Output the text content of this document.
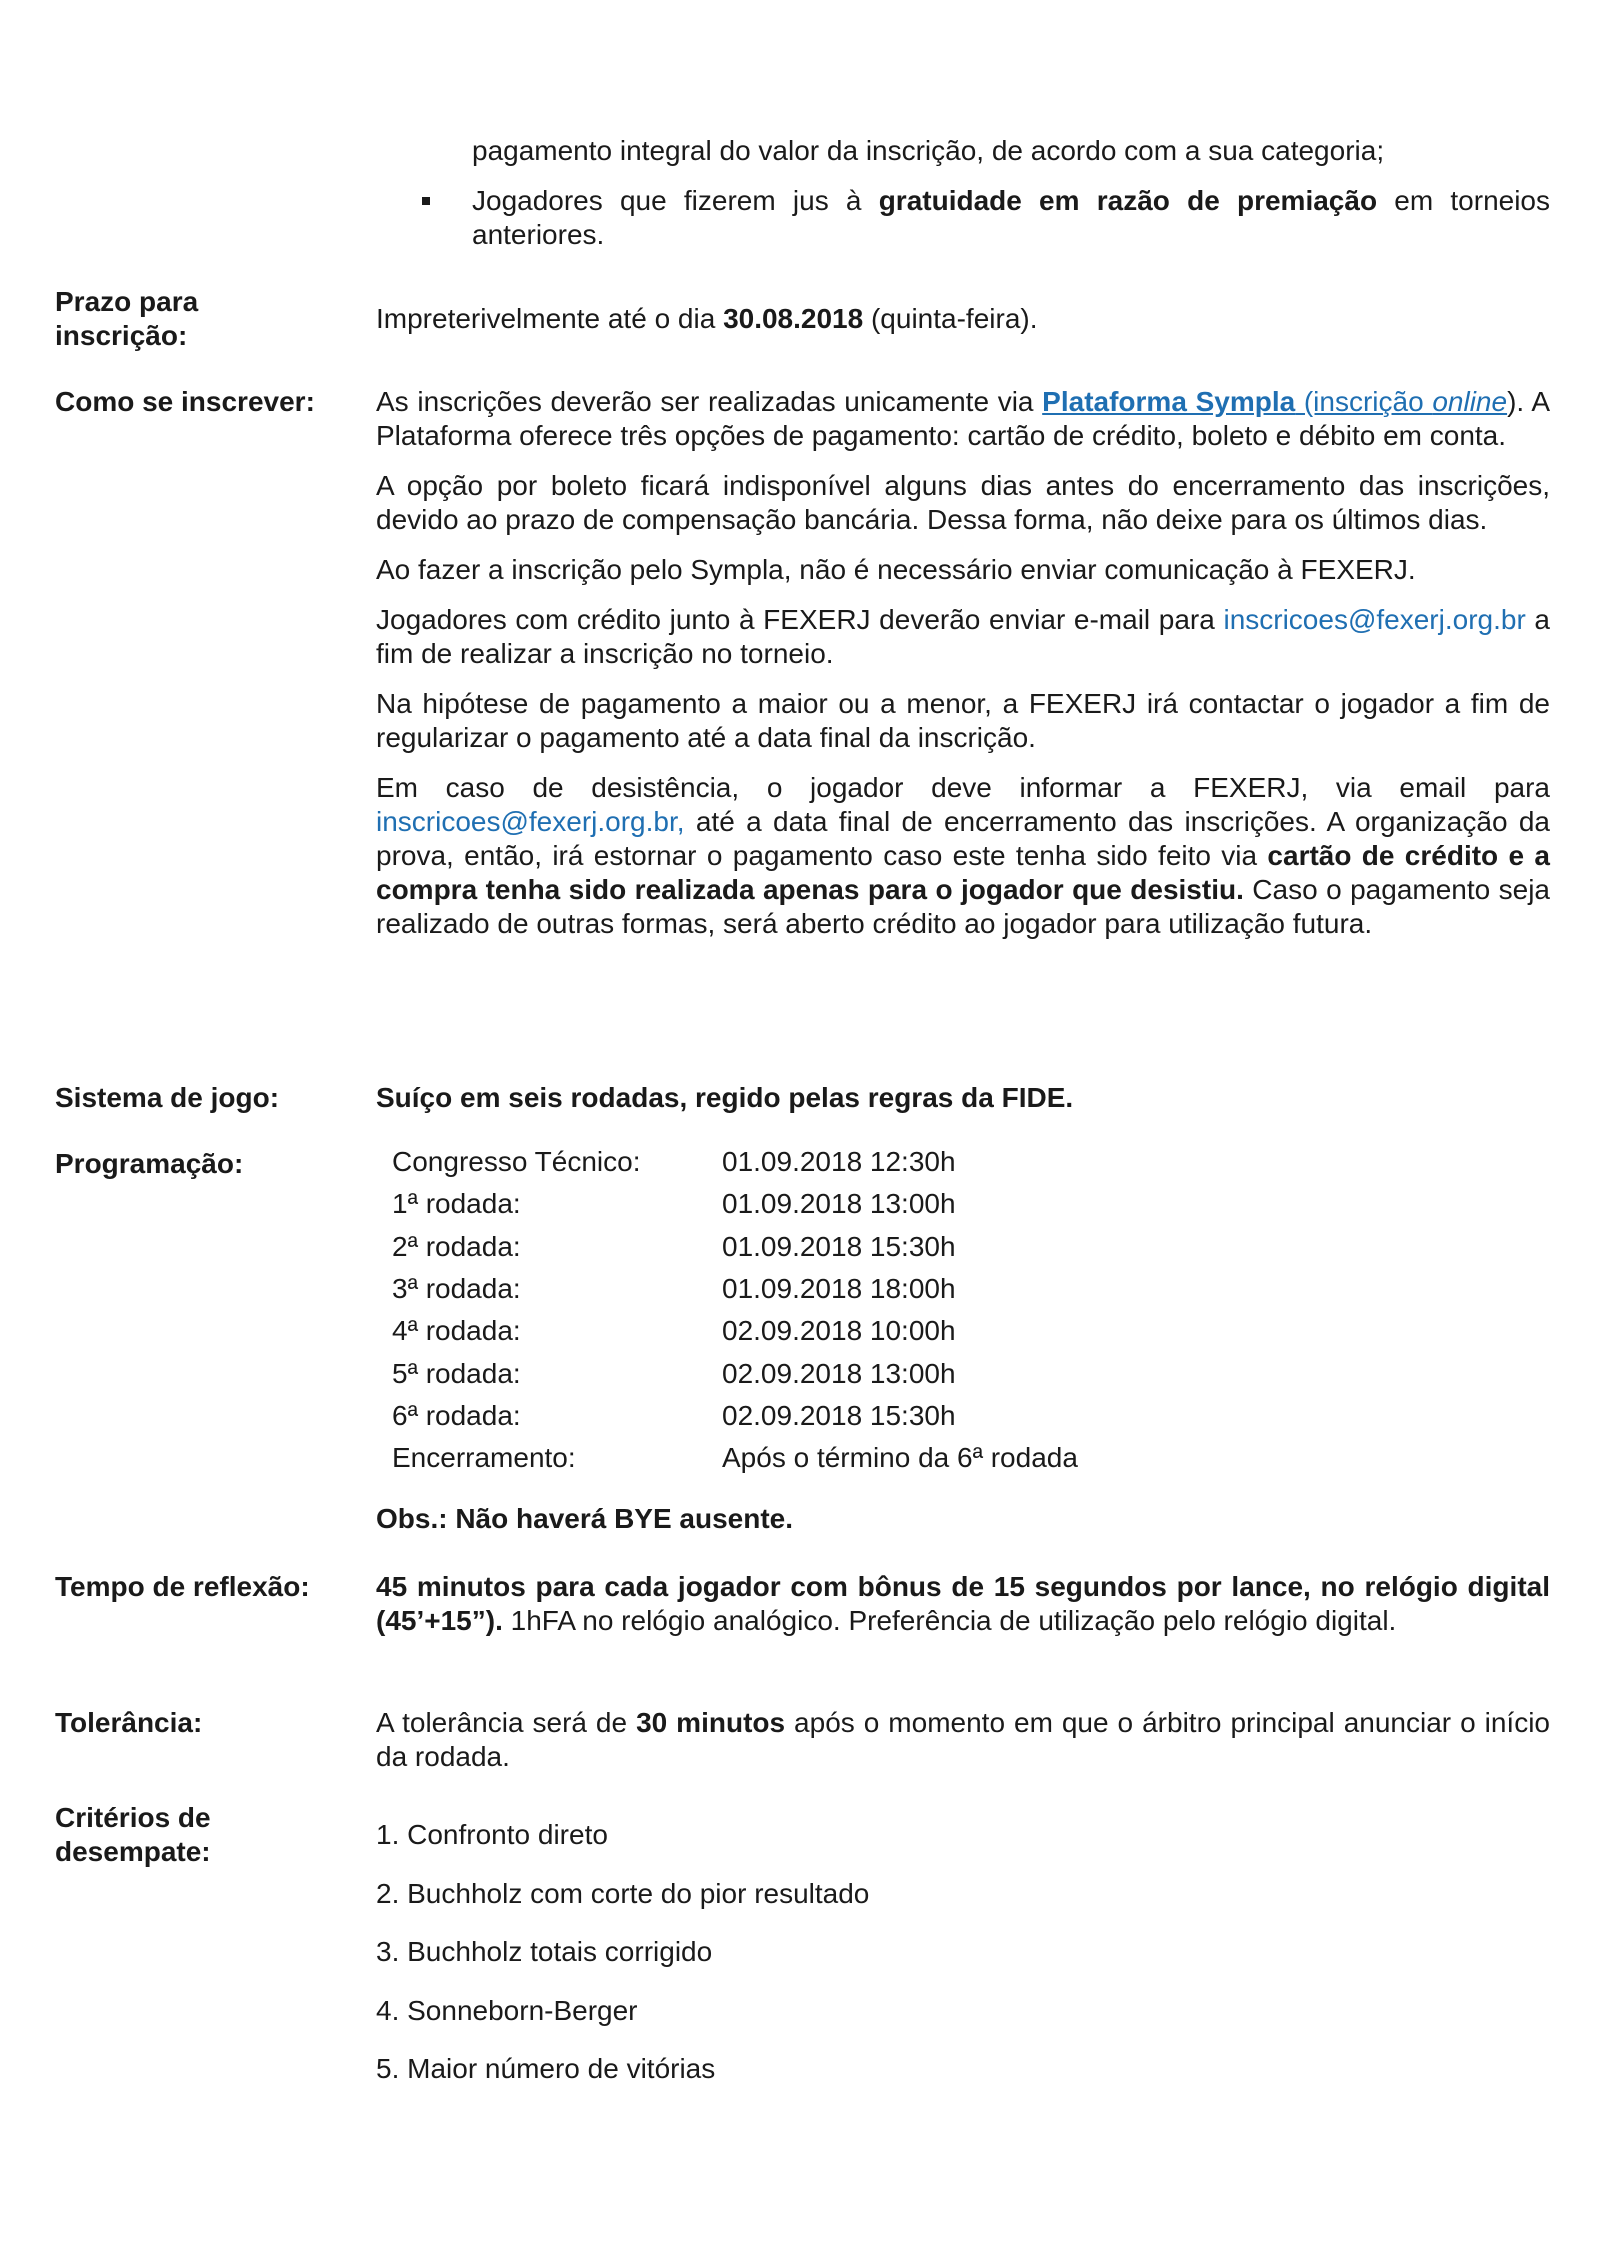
pagamento integral do valor da inscrição, de acordo com a sua categoria;
Jogadores que fizerem jus à gratuidade em razão de premiação em torneios anteriores.
Prazo para inscrição:
Impreterivelmente até o dia 30.08.2018 (quinta-feira).
Como se inscrever:	As inscrições deverão ser realizadas unicamente via Plataforma Sympla (inscrição online). A Plataforma oferece três opções de pagamento: cartão de crédito, boleto e débito em conta.

A opção por boleto ficará indisponível alguns dias antes do encerramento das inscrições, devido ao prazo de compensação bancária. Dessa forma, não deixe para os últimos dias.

Ao fazer a inscrição pelo Sympla, não é necessário enviar comunicação à FEXERJ.

Jogadores com crédito junto à FEXERJ deverão enviar e-mail para inscricoes@fexerj.org.br a fim de realizar a inscrição no torneio.

Na hipótese de pagamento a maior ou a menor, a FEXERJ irá contactar o jogador a fim de regularizar o pagamento até a data final da inscrição.

Em caso de desistência, o jogador deve informar a FEXERJ, via email para inscricoes@fexerj.org.br, até a data final de encerramento das inscrições. A organização da prova, então, irá estornar o pagamento caso este tenha sido feito via cartão de crédito e a compra tenha sido realizada apenas para o jogador que desistiu. Caso o pagamento seja realizado de outras formas, será aberto crédito ao jogador para utilização futura.

Sistema de jogo:	Suíço em seis rodadas, regido pelas regras da FIDE.
Programação:	Congresso Técnico:	01.09.2018 12:30h
1ª rodada:	01.09.2018 13:00h
2ª rodada:	01.09.2018 15:30h
3ª rodada:	01.09.2018 18:00h
4ª rodada:	02.09.2018 10:00h
5ª rodada:	02.09.2018 13:00h
6ª rodada:	02.09.2018 15:30h
Encerramento:	Após o término da 6ª rodada
Obs.: Não haverá BYE ausente.
Tempo de reflexão:	45 minutos para cada jogador com bônus de 15 segundos por lance, no relógio digital (45’+15”). 1hFA no relógio analógico. Preferência de utilização pelo relógio digital.
Tolerância:	A tolerância será de 30 minutos após o momento em que o árbitro principal anunciar o início da rodada.
Critérios de desempate:
1. Confronto direto
2. Buchholz com corte do pior resultado
3. Buchholz totais corrigido
4. Sonneborn-Berger
5. Maior número de vitórias
